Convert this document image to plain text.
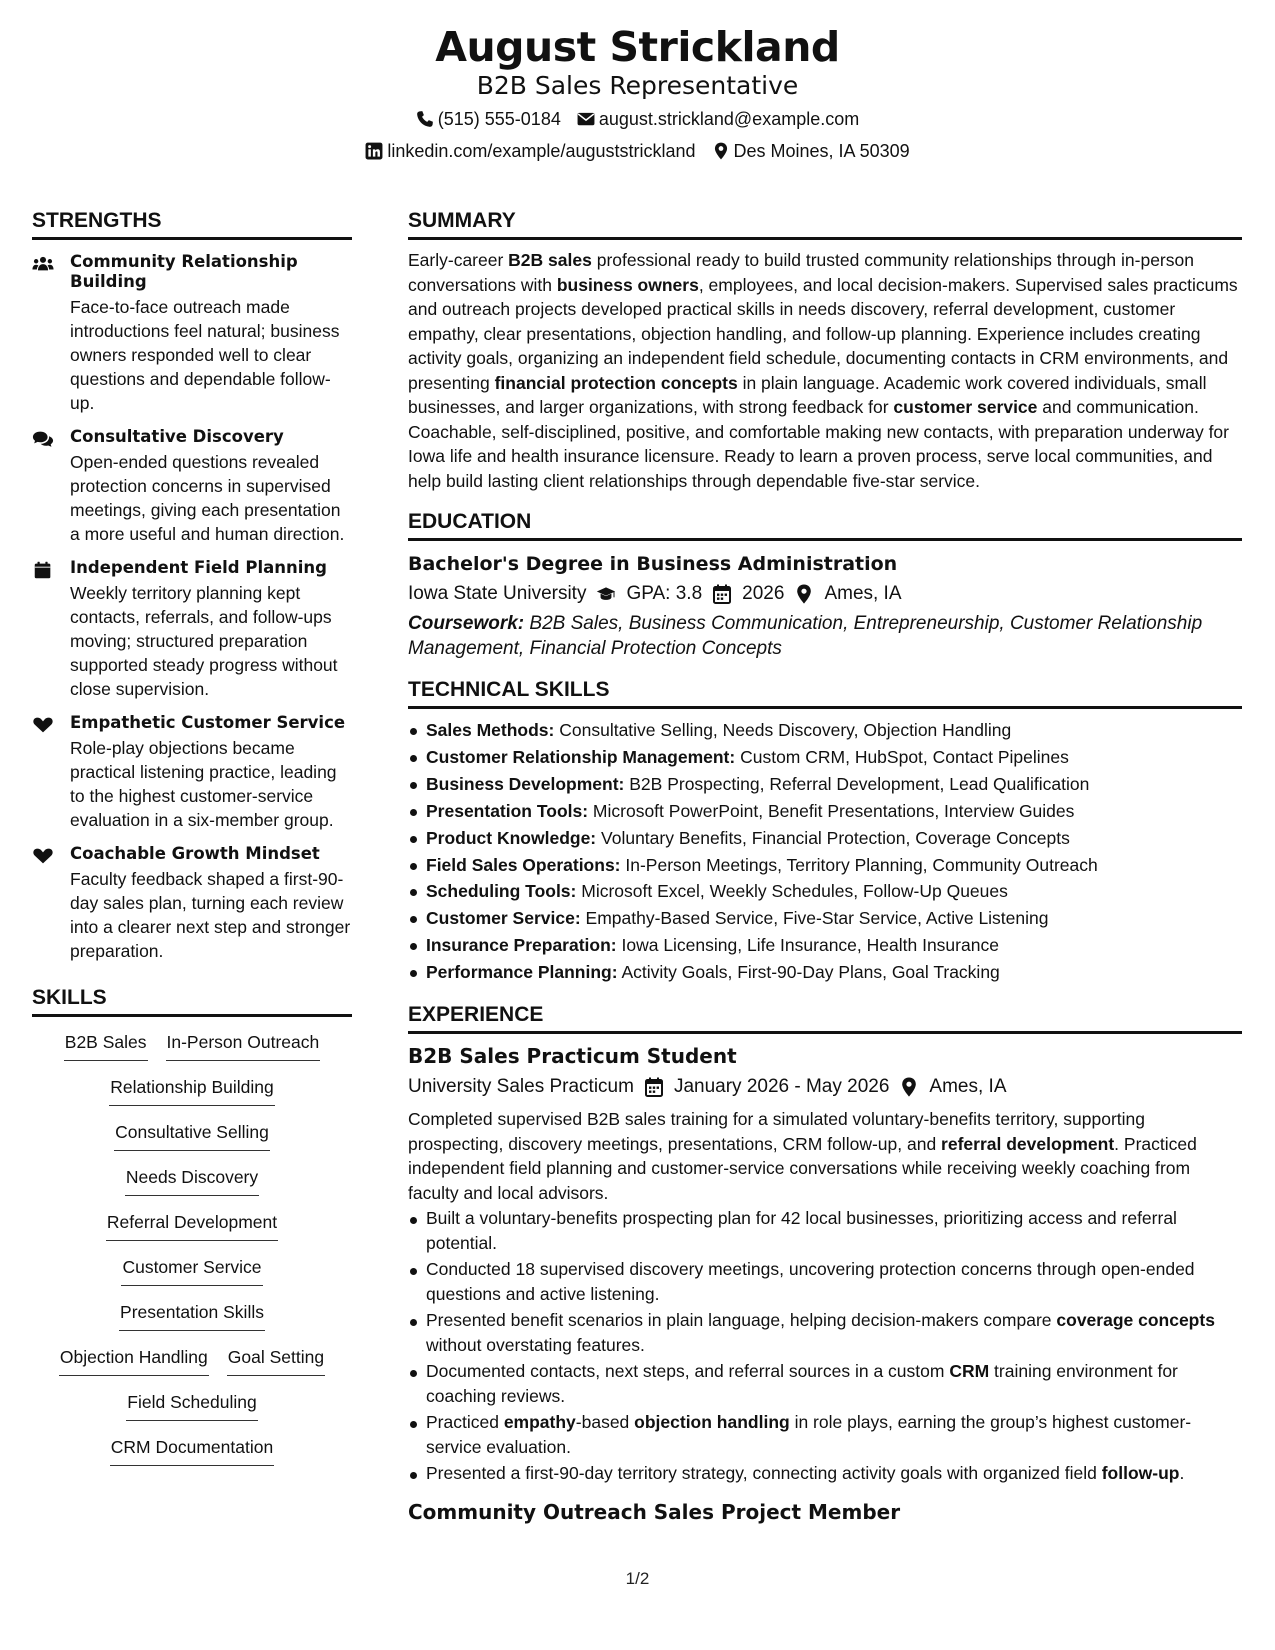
August Strickland
B2B Sales Representative
(515) 555-0184 august.strickland@example.com
linkedin.com/example/auguststrickland Des Moines, IA 50309
STRENGTHS
Community Relationship Building
Face-to-face outreach made introductions feel natural; business owners responded well to clear questions and dependable follow-up.
Consultative Discovery
Open-ended questions revealed protection concerns in supervised meetings, giving each presentation a more useful and human direction.
Independent Field Planning
Weekly territory planning kept contacts, referrals, and follow-ups moving; structured preparation supported steady progress without close supervision.
Empathetic Customer Service
Role-play objections became practical listening practice, leading to the highest customer-service evaluation in a six-member group.
Coachable Growth Mindset
Faculty feedback shaped a first-90-day sales plan, turning each review into a clearer next step and stronger preparation.
SKILLS
B2B Sales In-Person Outreach
Relationship Building
Consultative Selling
Needs Discovery
Referral Development
Customer Service
Presentation Skills
Objection Handling Goal Setting
Field Scheduling
CRM Documentation
SUMMARY
Early-career B2B sales professional ready to build trusted community relationships through in-person conversations with business owners, employees, and local decision-makers. Supervised sales practicums and outreach projects developed practical skills in needs discovery, referral development, customer empathy, clear presentations, objection handling, and follow-up planning. Experience includes creating activity goals, organizing an independent field schedule, documenting contacts in CRM environments, and presenting financial protection concepts in plain language. Academic work covered individuals, small businesses, and larger organizations, with strong feedback for customer service and communication. Coachable, self-disciplined, positive, and comfortable making new contacts, with preparation underway for Iowa life and health insurance licensure. Ready to learn a proven process, serve local communities, and help build lasting client relationships through dependable five-star service.
EDUCATION
Bachelor's Degree in Business Administration
Iowa State University GPA: 3.8 2026 Ames, IA
Coursework: B2B Sales, Business Communication, Entrepreneurship, Customer Relationship Management, Financial Protection Concepts
TECHNICAL SKILLS
Sales Methods: Consultative Selling, Needs Discovery, Objection Handling
Customer Relationship Management: Custom CRM, HubSpot, Contact Pipelines
Business Development: B2B Prospecting, Referral Development, Lead Qualification
Presentation Tools: Microsoft PowerPoint, Benefit Presentations, Interview Guides
Product Knowledge: Voluntary Benefits, Financial Protection, Coverage Concepts
Field Sales Operations: In-Person Meetings, Territory Planning, Community Outreach
Scheduling Tools: Microsoft Excel, Weekly Schedules, Follow-Up Queues
Customer Service: Empathy-Based Service, Five-Star Service, Active Listening
Insurance Preparation: Iowa Licensing, Life Insurance, Health Insurance
Performance Planning: Activity Goals, First-90-Day Plans, Goal Tracking
EXPERIENCE
B2B Sales Practicum Student
University Sales Practicum January 2026 - May 2026 Ames, IA
Completed supervised B2B sales training for a simulated voluntary-benefits territory, supporting prospecting, discovery meetings, presentations, CRM follow-up, and referral development. Practiced independent field planning and customer-service conversations while receiving weekly coaching from faculty and local advisors.
Built a voluntary-benefits prospecting plan for 42 local businesses, prioritizing access and referral potential.
Conducted 18 supervised discovery meetings, uncovering protection concerns through open-ended questions and active listening.
Presented benefit scenarios in plain language, helping decision-makers compare coverage concepts without overstating features.
Documented contacts, next steps, and referral sources in a custom CRM training environment for coaching reviews.
Practiced empathy-based objection handling in role plays, earning the group’s highest customer-service evaluation.
Presented a first-90-day territory strategy, connecting activity goals with organized field follow-up.
Community Outreach Sales Project Member
1/2
